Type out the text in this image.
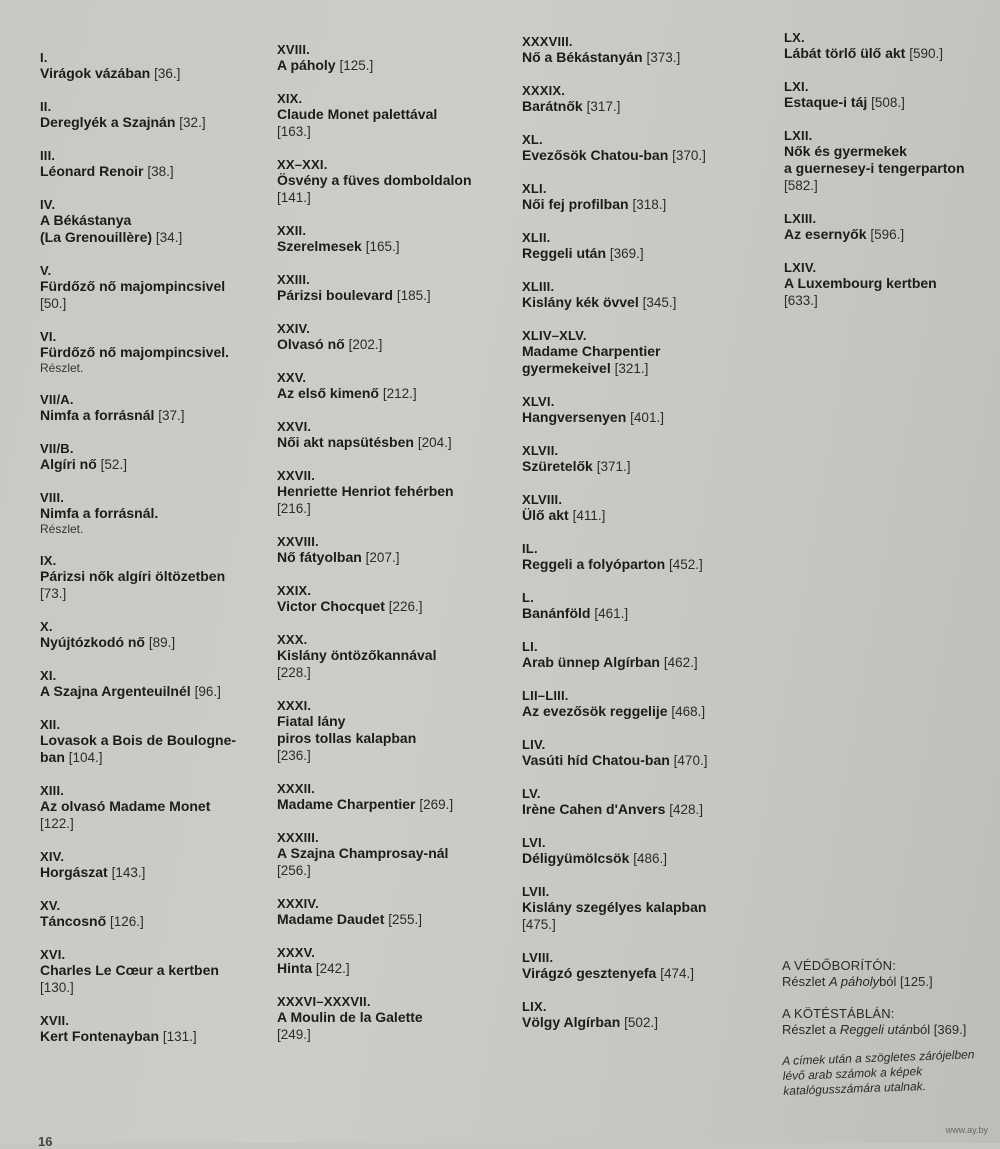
I.
Virágok vázában [36.]
II.
Dereglyék a Szajnán [32.]
III.
Léonard Renoir [38.]
IV.
A Békástanya
(La Grenouillère) [34.]
V.
Fürdőző nő majompincsivel
[50.]
VI.
Fürdőző nő majompincsivel.
Részlet.
VII/A.
Nimfa a forrásnál [37.]
VII/B.
Algíri nő [52.]
VIII.
Nimfa a forrásnál.
Részlet.
IX.
Párizsi nők algíri öltözetben
[73.]
X.
Nyújtózkodó nő [89.]
XI.
A Szajna Argenteuilnél [96.]
XII.
Lovasok a Bois de Boulogne-
ban [104.]
XIII.
Az olvasó Madame Monet
[122.]
XIV.
Horgászat [143.]
XV.
Táncosnő [126.]
XVI.
Charles Le Cœur a kertben
[130.]
XVII.
Kert Fontenayban [131.]
XVIII.
A páholy [125.]
XIX.
Claude Monet palettával
[163.]
XX–XXI.
Ösvény a füves domboldalon
[141.]
XXII.
Szerelmesek [165.]
XXIII.
Párizsi boulevard [185.]
XXIV.
Olvasó nő [202.]
XXV.
Az első kimenő [212.]
XXVI.
Női akt napsütésben [204.]
XXVII.
Henriette Henriot fehérben
[216.]
XXVIII.
Nő fátyolban [207.]
XXIX.
Victor Chocquet [226.]
XXX.
Kislány öntözőkannával
[228.]
XXXI.
Fiatal lány
piros tollas kalapban
[236.]
XXXII.
Madame Charpentier [269.]
XXXIII.
A Szajna Champrosay-nál
[256.]
XXXIV.
Madame Daudet [255.]
XXXV.
Hinta [242.]
XXXVI–XXXVII.
A Moulin de la Galette
[249.]
XXXVIII.
Nő a Békástanyán [373.]
XXXIX.
Barátnők [317.]
XL.
Evezősök Chatou-ban [370.]
XLI.
Női fej profilban [318.]
XLII.
Reggeli után [369.]
XLIII.
Kislány kék övvel [345.]
XLIV–XLV.
Madame Charpentier
gyermekeivel [321.]
XLVI.
Hangversenyen [401.]
XLVII.
Szüretelők [371.]
XLVIII.
Ülő akt [411.]
IL.
Reggeli a folyóparton [452.]
L.
Banánföld [461.]
LI.
Arab ünnep Algírban [462.]
LII–LIII.
Az evezősök reggelije [468.]
LIV.
Vasúti híd Chatou-ban [470.]
LV.
Irène Cahen d'Anvers [428.]
LVI.
Déligyümölcsök [486.]
LVII.
Kislány szegélyes kalapban
[475.]
LVIII.
Virágzó gesztenyefa [474.]
LIX.
Völgy Algírban [502.]
LX.
Lábát törlő ülő akt [590.]
LXI.
Estaque-i táj [508.]
LXII.
Nők és gyermekek
a guernesey-i tengerparton
[582.]
LXIII.
Az esernyők [596.]
LXIV.
A Luxembourg kertben
[633.]
A VÉDŐBORÍTÓN:
Részlet A páholyból [125.]
A KÖTÉSTÁBLÁN:
Részlet a Reggeli utánból [369.]
A címek után a szögletes zárójelben lévő arab számok a képek katalógusszámára utalnak.
16
www.ay.by
